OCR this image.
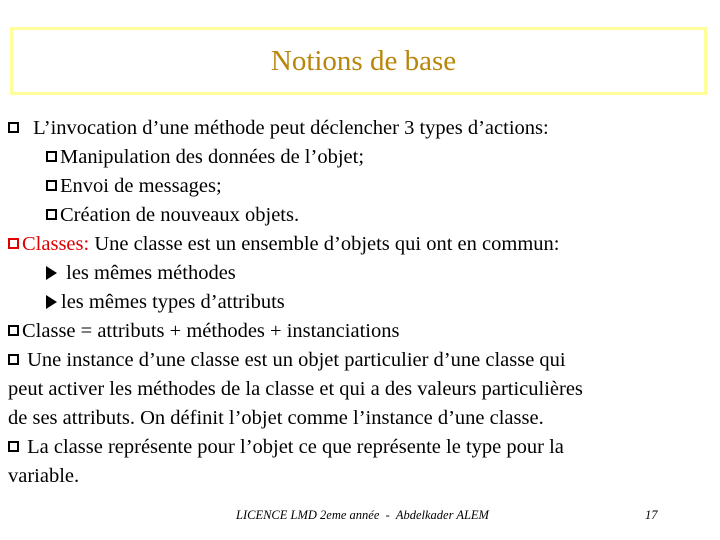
Notions de base
L’invocation d’une méthode peut déclencher 3 types d’actions:
Manipulation des données de l’objet;
Envoi de messages;
Création de nouveaux objets.
Classes: Une classe est un ensemble d’objets qui ont en commun:
les mêmes méthodes
les mêmes types d’attributs
Classe = attributs + méthodes + instanciations
Une instance d’une classe est un objet particulier d’une classe qui
peut activer les méthodes de la classe et qui a des valeurs particulières
de ses attributs. On définit l’objet comme l’instance d’une classe.
La classe représente pour l’objet ce que représente le type pour la
variable.
LICENCE LMD 2eme année  -  Abdelkader ALEM	17
